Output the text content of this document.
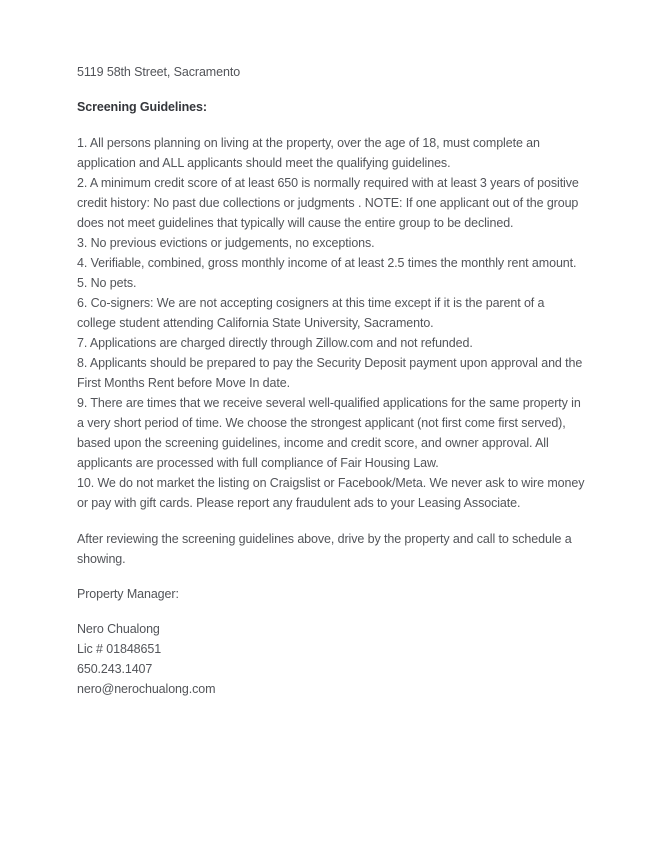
5119 58th Street, Sacramento

Screening Guidelines:

1. All persons planning on living at the property, over the age of 18, must complete an application and ALL applicants should meet the qualifying guidelines.

2. A minimum credit score of at least 650 is normally required with at least 3 years of positive credit history: No past due collections or judgments . NOTE: If one applicant out of the group does not meet guidelines that typically will cause the entire group to be declined.

3. No previous evictions or judgements, no exceptions.

4. Verifiable, combined, gross monthly income of at least 2.5 times the monthly rent amount.

5. No pets.

6. Co-signers: We are not accepting cosigners at this time except if it is the parent of a college student attending California State University, Sacramento.

7. Applications are charged directly through Zillow.com and not refunded.

8. Applicants should be prepared to pay the Security Deposit payment upon approval and the First Months Rent before Move In date.

9. There are times that we receive several well-qualified applications for the same property in a very short period of time. We choose the strongest applicant (not first come first served), based upon the screening guidelines, income and credit score, and owner approval. All applicants are processed with full compliance of Fair Housing Law.

10. We do not market the listing on Craigslist or Facebook/Meta. We never ask to wire money or pay with gift cards. Please report any fraudulent ads to your Leasing Associate.

After reviewing the screening guidelines above, drive by the property and call to schedule a showing.

Property Manager:

Nero Chualong

Lic # 01848651

650.243.1407

nero@nerochualong.com
